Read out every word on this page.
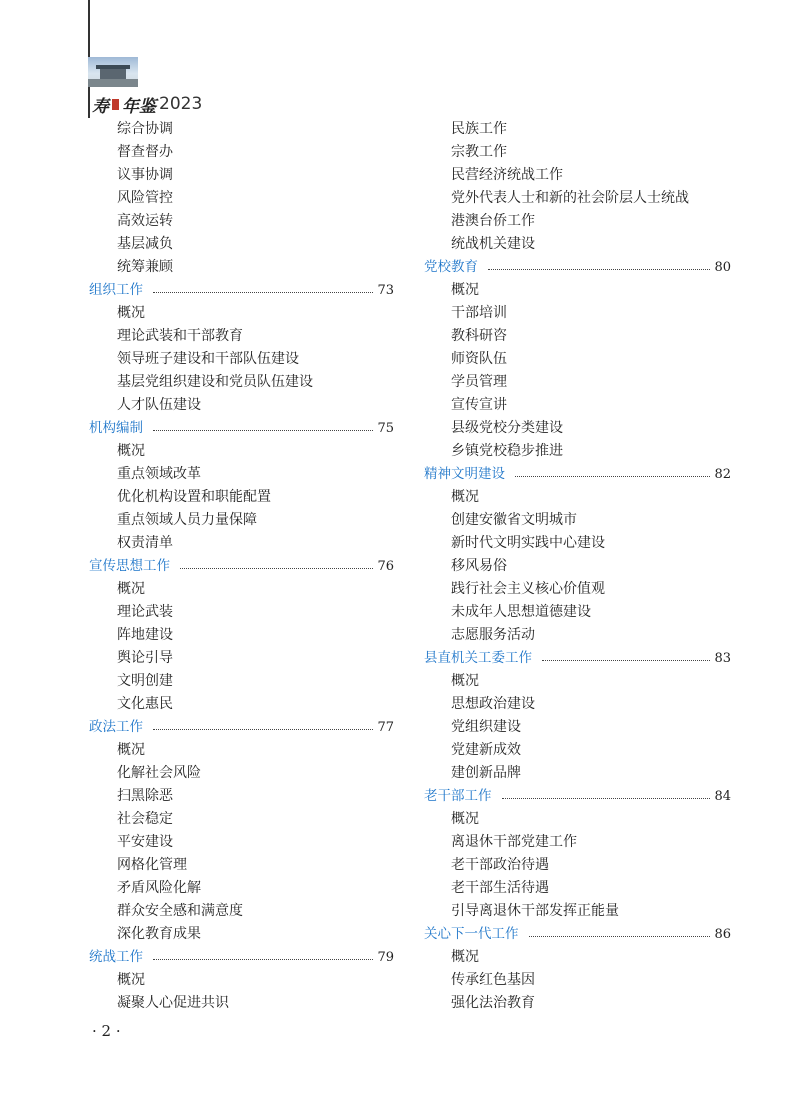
寿 年鉴 2023
综合协调
督查督办
议事协调
风险管控
高效运转
基层减负
统筹兼顾
组织工作	73
概况
理论武装和干部教育
领导班子建设和干部队伍建设
基层党组织建设和党员队伍建设
人才队伍建设
机构编制	75
概况
重点领域改革
优化机构设置和职能配置
重点领域人员力量保障
权责清单
宣传思想工作	76
概况
理论武装
阵地建设
舆论引导
文明创建
文化惠民
政法工作	77
概况
化解社会风险
扫黑除恶
社会稳定
平安建设
网格化管理
矛盾风险化解
群众安全感和满意度
深化教育成果
统战工作	79
概况
凝聚人心促进共识
民族工作
宗教工作
民营经济统战工作
党外代表人士和新的社会阶层人士统战
港澳台侨工作
统战机关建设
党校教育	80
概况
干部培训
教科研咨
师资队伍
学员管理
宣传宣讲
县级党校分类建设
乡镇党校稳步推进
精神文明建设	82
概况
创建安徽省文明城市
新时代文明实践中心建设
移风易俗
践行社会主义核心价值观
未成年人思想道德建设
志愿服务活动
县直机关工委工作	83
概况
思想政治建设
党组织建设
党建新成效
建创新品牌
老干部工作	84
概况
离退休干部党建工作
老干部政治待遇
老干部生活待遇
引导离退休干部发挥正能量
关心下一代工作	86
概况
传承红色基因
强化法治教育
· 2 ·
